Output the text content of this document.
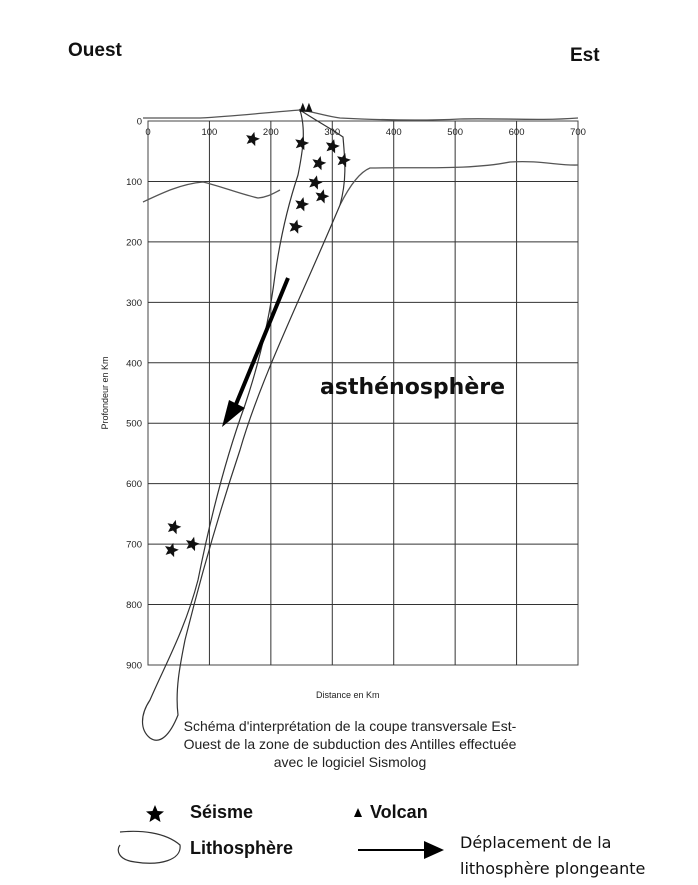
Ouest	Est
0	100	200	300	400	500	600	700
0
100
200
300
400
500
600
700
800
900
Distance en Km
Profondeur en Km	asthénosphère
Schéma d'interprétation de la coupe transversale Est-
Ouest de la zone de subduction des Antilles effectuée
avec le logiciel Sismolog
Séisme	Volcan
Lithosphère	Déplacement de la
lithosphère plongeante
